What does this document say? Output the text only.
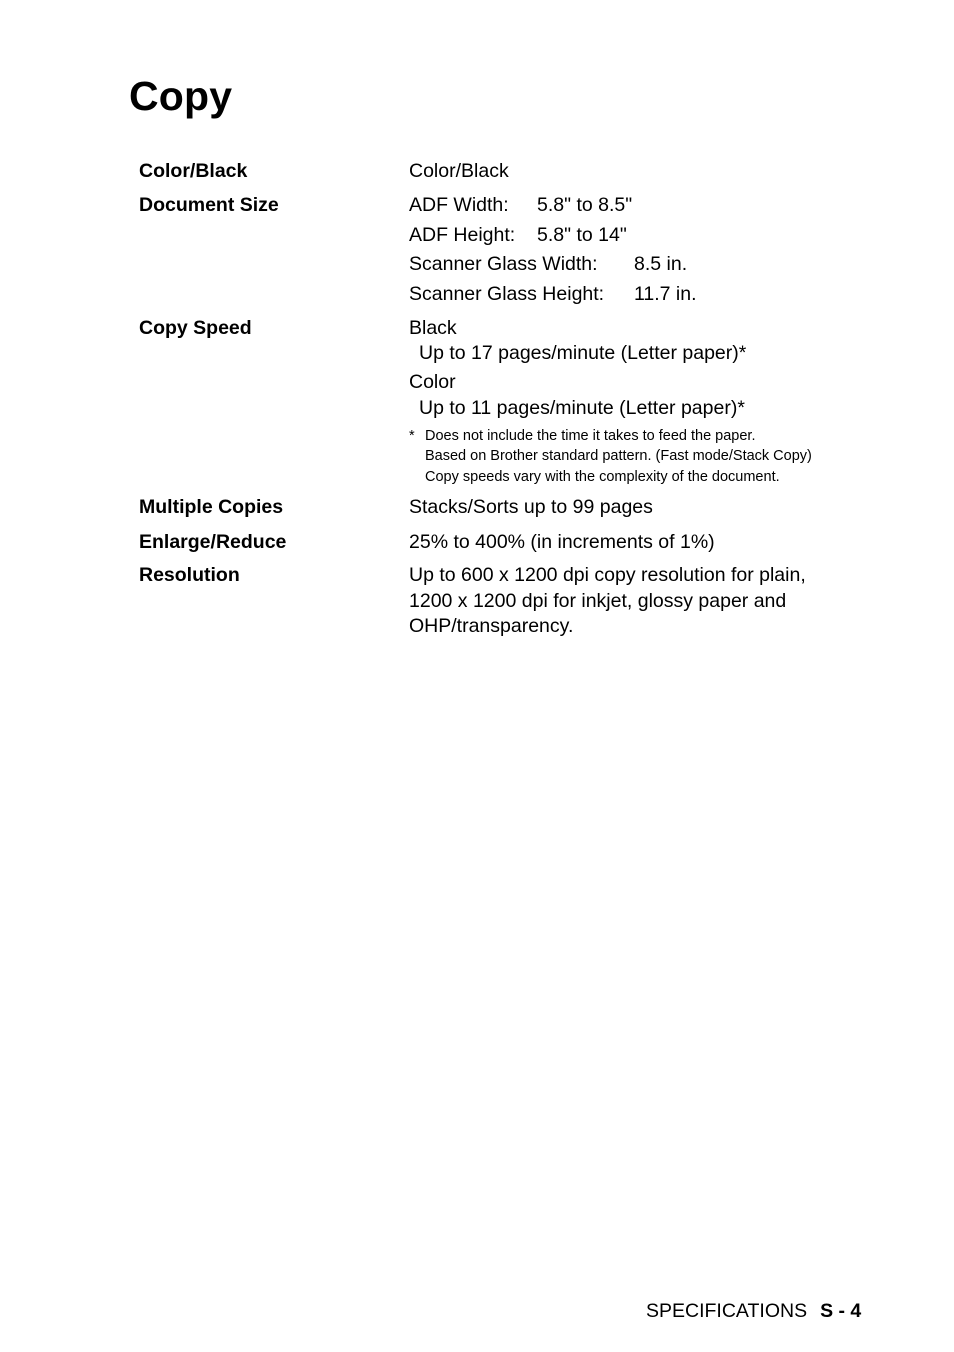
Copy
Color/Black	Color/Black
Document Size	ADF Width: 5.8" to 8.5"
ADF Height: 5.8" to 14"
Scanner Glass Width: 8.5 in.
Scanner Glass Height: 11.7 in.
Copy Speed	Black
Up to 17 pages/minute (Letter paper)*
Color
Up to 11 pages/minute (Letter paper)*
* Does not include the time it takes to feed the paper.
Based on Brother standard pattern. (Fast mode/Stack Copy)
Copy speeds vary with the complexity of the document.
Multiple Copies	Stacks/Sorts up to 99 pages
Enlarge/Reduce	25% to 400% (in increments of 1%)
Resolution	Up to 600 x 1200 dpi copy resolution for plain,
1200 x 1200 dpi for inkjet, glossy paper and
OHP/transparency.
SPECIFICATIONS S - 4
